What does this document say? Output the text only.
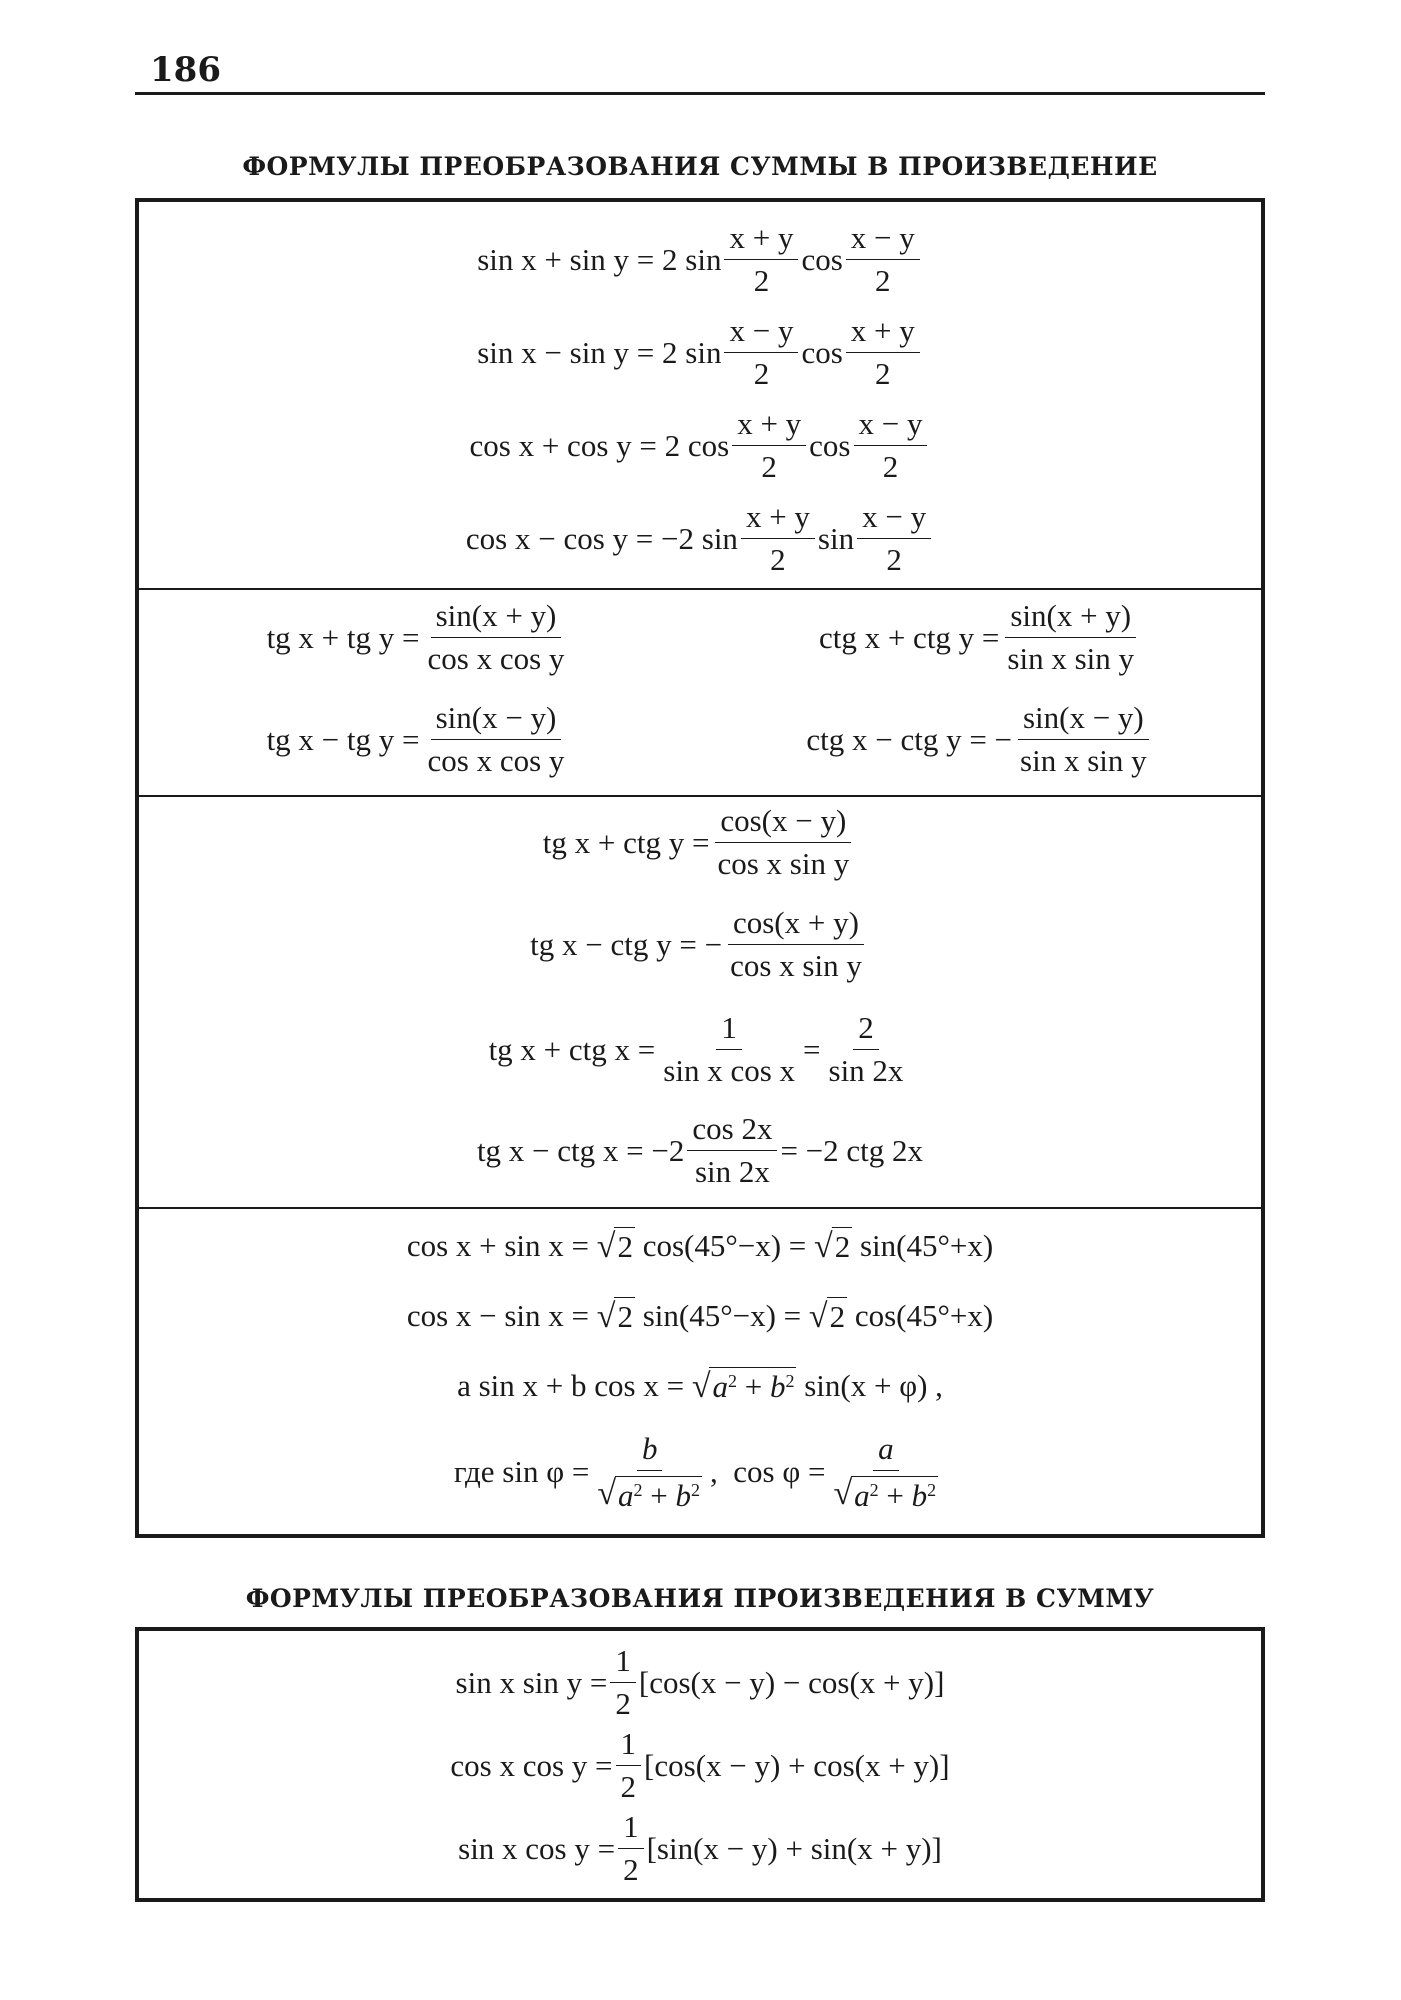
186
ФОРМУЛЫ ПРЕОБРАЗОВАНИЯ СУММЫ В ПРОИЗВЕДЕНИЕ
sin x + sin y = 2 $\sin \frac{x + y}{2}$ $\cos \frac{x - y}{2}$
sin x − sin y = 2 $\sin \frac{x - y}{2}$ $\cos \frac{x + y}{2}$
cos x + cos y = 2 $\cos \frac{x + y}{2}$ $\cos \frac{x - y}{2}$
cos x − cos y = −2 $\sin \frac{x + y}{2}$ $\sin \frac{x - y}{2}$
tg x + tg $y = \frac{\sin(x + y)}{\text{cos x cos y}}$	ctg x + ctg $y = \frac{\sin(x + y)}{\text{sin x sin y}}$
tg x − tg $y = \frac{\sin(x - y)}{\text{cos x cos y}}$	ctg x − ctg y = − $\frac{\sin(x - y)}{\text{sin x sin y}}$
tg x + ctg $y = \frac{\cos(x - y)}{\text{cos x sin y}}$
tg x − ctg y = − $\frac{\cos(x + y)}{\text{cos x sin y}}$
tg x + ctg $x = \frac{1}{\text{sin x cos x}} = \frac{2}{\sin 2x}$
tg x − ctg $x = -2 \frac{\cos 2x}{\sin 2x} = -2$ ctg 2x
cos x + sin x =
√ 2
cos(45°−x) =
√ 2
sin(45°+x)
cos x − sin x =
√ 2
sin(45°−x) =
√ 2
cos(45°+x)
a sin x + b cos x =
√ $a^2 + b^2$
sin(x + φ) ,
где $\sin \varphi = \frac{b}{√ a^2 + b^2}$ ,
$\cos \varphi = \frac{a}{√ a^2 + b^2}$
ФОРМУЛЫ ПРЕОБРАЗОВАНИЯ ПРОИЗВЕДЕНИЯ В СУММУ
sin x $\sin y = \frac{1}{2} [\cos(x - y) - \cos(x + y)]$
cos x $\cos y = \frac{1}{2} [\cos(x - y) + \cos(x + y)]$
sin x $\cos y = \frac{1}{2} [\sin(x - y) + \sin(x + y)]$
